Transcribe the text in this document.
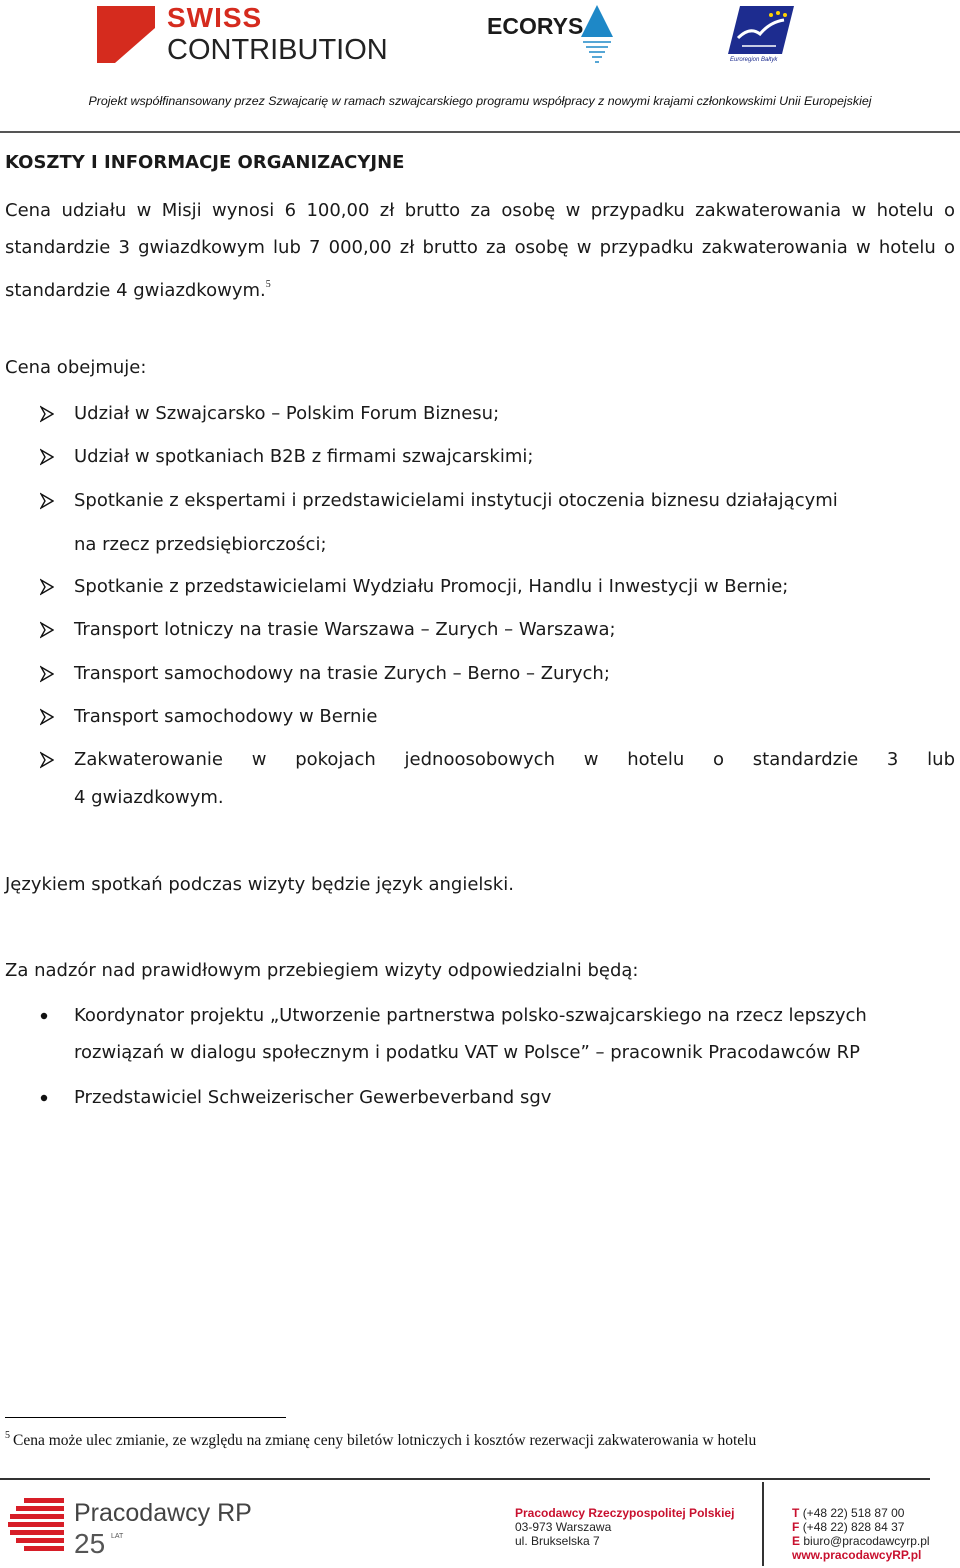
SWISS
CONTRIBUTION
ECORYS
Euroregion Bałtyk
Projekt współfinansowany przez Szwajcarię w ramach szwajcarskiego programu współpracy z nowymi krajami członkowskimi Unii Europejskiej
KOSZTY I INFORMACJE ORGANIZACYJNE
Cena udziału w Misji wynosi 6 100,00 zł brutto za osobę w przypadku zakwaterowania w hotelu o standardzie 3 gwiazdkowym lub 7 000,00 zł brutto za osobę w przypadku zakwaterowania w hotelu o standardzie 4 gwiazdkowym.$^5$
Cena obejmuje:
Udział w Szwajcarsko – Polskim Forum Biznesu;
Udział w spotkaniach B2B z firmami szwajcarskimi;
Spotkanie z ekspertami i przedstawicielami instytucji otoczenia biznesu działającymi
na rzecz przedsiębiorczości;
Spotkanie z przedstawicielami Wydziału Promocji, Handlu i Inwestycji w Bernie;
Transport lotniczy na trasie Warszawa – Zurych – Warszawa;
Transport samochodowy na trasie Zurych – Berno – Zurych;
Transport samochodowy w Bernie
Zakwaterowanie w pokojach jednoosobowych w hotelu o standardzie 3 lub
4 gwiazdkowym.
Językiem spotkań podczas wizyty będzie język angielski.
Za nadzór nad prawidłowym przebiegiem wizyty odpowiedzialni będą:
Koordynator projektu „Utworzenie partnerstwa polsko-szwajcarskiego na rzecz lepszych
rozwiązań w dialogu społecznym i podatku VAT w Polsce” – pracownik Pracodawców RP
Przedstawiciel Schweizerischer Gewerbeverband sgv
$^5$ Cena może ulec zmianie, ze względu na zmianę ceny biletów lotniczych i kosztów rezerwacji zakwaterowania w hotelu
Pracodawcy RP
25 LAT
Pracodawcy Rzeczypospolitej Polskiej
03-973 Warszawa
ul. Brukselska 7
T (+48 22) 518 87 00
F (+48 22) 828 84 37
E biuro@pracodawcyrp.pl
www.pracodawcyRP.pl
